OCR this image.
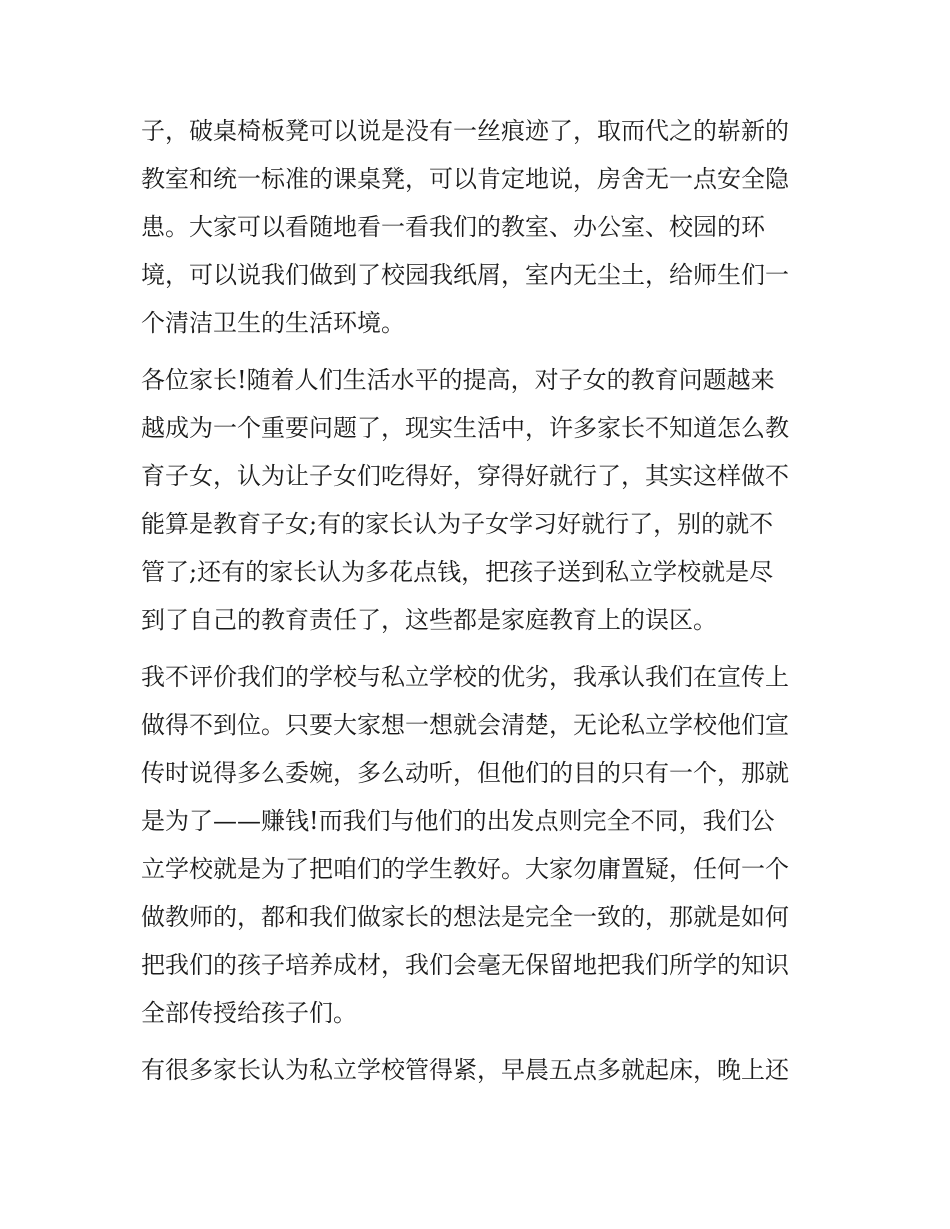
子，破桌椅板凳可以说是没有一丝痕迹了，取而代之的崭新的
教室和统一标准的课桌凳，可以肯定地说，房舍无一点安全隐
患。大家可以看随地看一看我们的教室、办公室、校园的环
境，可以说我们做到了校园我纸屑，室内无尘土，给师生们一
个清洁卫生的生活环境。
各位家长!随着人们生活水平的提高，对子女的教育问题越来
越成为一个重要问题了，现实生活中，许多家长不知道怎么教
育子女，认为让子女们吃得好，穿得好就行了，其实这样做不
能算是教育子女;有的家长认为子女学习好就行了，别的就不
管了;还有的家长认为多花点钱，把孩子送到私立学校就是尽
到了自己的教育责任了，这些都是家庭教育上的误区。
我不评价我们的学校与私立学校的优劣，我承认我们在宣传上
做得不到位。只要大家想一想就会清楚，无论私立学校他们宣
传时说得多么委婉，多么动听，但他们的目的只有一个，那就
是为了——赚钱!而我们与他们的出发点则完全不同，我们公
立学校就是为了把咱们的学生教好。大家勿庸置疑，任何一个
做教师的，都和我们做家长的想法是完全一致的，那就是如何
把我们的孩子培养成材，我们会毫无保留地把我们所学的知识
全部传授给孩子们。
有很多家长认为私立学校管得紧，早晨五点多就起床，晚上还
